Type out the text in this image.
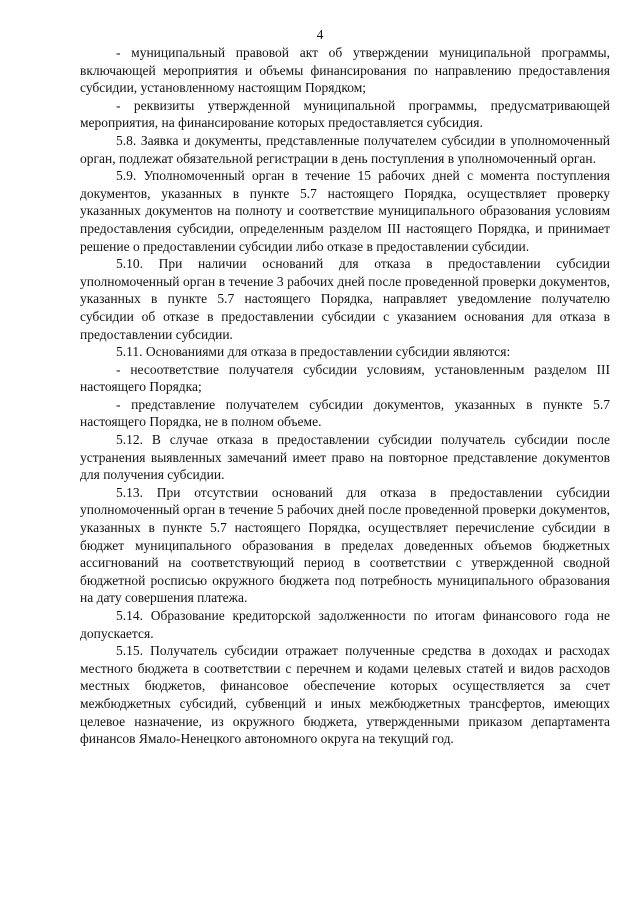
4

- муниципальный правовой акт об утверждении муниципальной программы, включающей мероприятия и объемы финансирования по направлению предоставления субсидии, установленному настоящим Порядком;

- реквизиты утвержденной муниципальной программы, предусматривающей мероприятия, на финансирование которых предоставляется субсидия.

5.8. Заявка и документы, представленные получателем субсидии в уполномоченный орган, подлежат обязательной регистрации в день поступления в уполномоченный орган.

5.9. Уполномоченный орган в течение 15 рабочих дней с момента поступления документов, указанных в пункте 5.7 настоящего Порядка, осуществляет проверку указанных документов на полноту и соответствие муниципального образования условиям предоставления субсидии, определенным разделом III настоящего Порядка, и принимает решение о предоставлении субсидии либо отказе в предоставлении субсидии.

5.10. При наличии оснований для отказа в предоставлении субсидии уполномоченный орган в течение 3 рабочих дней после проведенной проверки документов, указанных в пункте 5.7 настоящего Порядка, направляет уведомление получателю субсидии об отказе в предоставлении субсидии с указанием основания для отказа в предоставлении субсидии.

5.11. Основаниями для отказа в предоставлении субсидии являются:

- несоответствие получателя субсидии условиям, установленным разделом III настоящего Порядка;

- представление получателем субсидии документов, указанных в пункте 5.7 настоящего Порядка, не в полном объеме.

5.12. В случае отказа в предоставлении субсидии получатель субсидии после устранения выявленных замечаний имеет право на повторное представление документов для получения субсидии.

5.13. При отсутствии оснований для отказа в предоставлении субсидии уполномоченный орган в течение 5 рабочих дней после проведенной проверки документов, указанных в пункте 5.7 настоящего Порядка, осуществляет перечисление субсидии в бюджет муниципального образования в пределах доведенных объемов бюджетных ассигнований на соответствующий период в соответствии с утвержденной сводной бюджетной росписью окружного бюджета под потребность муниципального образования на дату совершения платежа.

5.14. Образование кредиторской задолженности по итогам финансового года не допускается.

5.15. Получатель субсидии отражает полученные средства в доходах и расходах местного бюджета в соответствии с перечнем и кодами целевых статей и видов расходов местных бюджетов, финансовое обеспечение которых осуществляется за счет межбюджетных субсидий, субвенций и иных межбюджетных трансфертов, имеющих целевое назначение, из окружного бюджета, утвержденными приказом департамента финансов Ямало-Ненецкого автономного округа на текущий год.
